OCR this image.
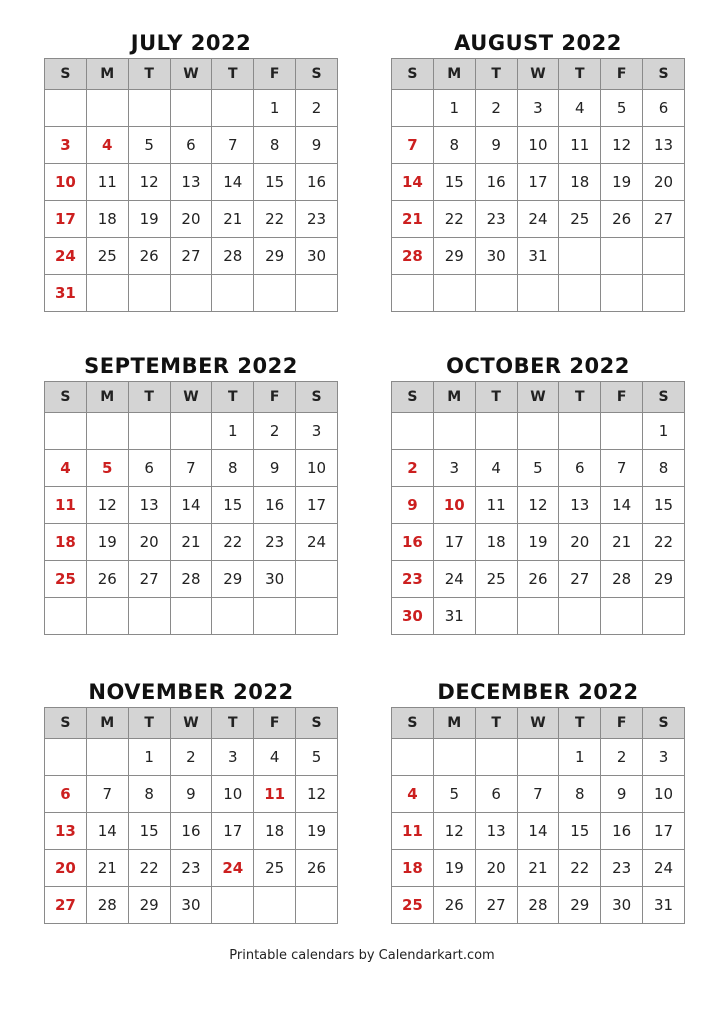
JULY 2022
S	M	T	W	T	F	S
					1	2
3	4	5	6	7	8	9
10	11	12	13	14	15	16
17	18	19	20	21	22	23
24	25	26	27	28	29	30
31						
AUGUST 2022
S	M	T	W	T	F	S
	1	2	3	4	5	6
7	8	9	10	11	12	13
14	15	16	17	18	19	20
21	22	23	24	25	26	27
28	29	30	31			

SEPTEMBER 2022
S	M	T	W	T	F	S
				1	2	3
4	5	6	7	8	9	10
11	12	13	14	15	16	17
18	19	20	21	22	23	24
25	26	27	28	29	30	

OCTOBER 2022
S	M	T	W	T	F	S
						1
2	3	4	5	6	7	8
9	10	11	12	13	14	15
16	17	18	19	20	21	22
23	24	25	26	27	28	29
30	31					
NOVEMBER 2022
S	M	T	W	T	F	S
		1	2	3	4	5
6	7	8	9	10	11	12
13	14	15	16	17	18	19
20	21	22	23	24	25	26
27	28	29	30			
DECEMBER 2022
S	M	T	W	T	F	S
				1	2	3
4	5	6	7	8	9	10
11	12	13	14	15	16	17
18	19	20	21	22	23	24
25	26	27	28	29	30	31
Printable calendars by Calendarkart.com
